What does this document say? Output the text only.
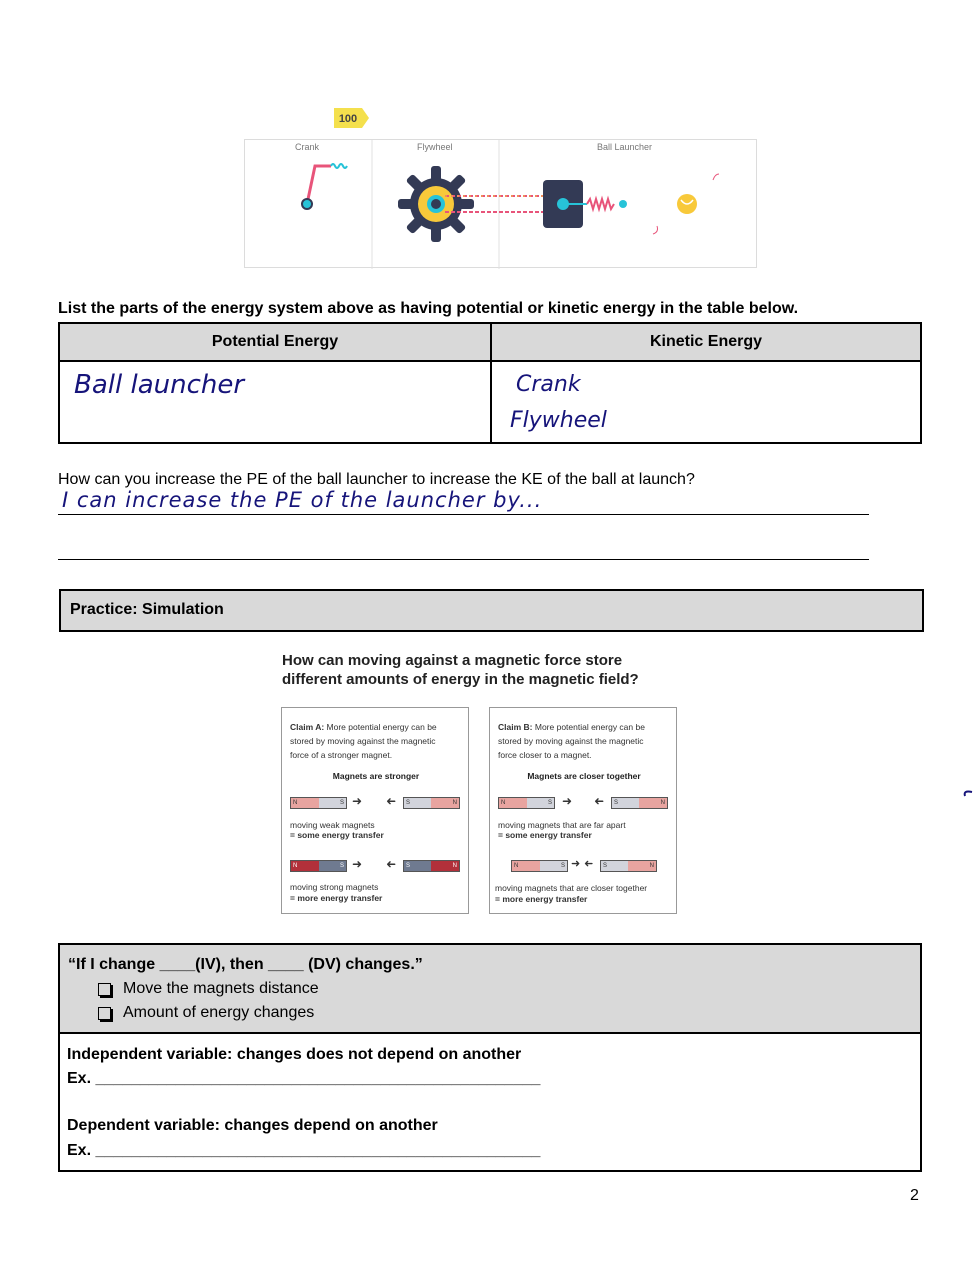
100
Crank	Flywheel	Ball Launcher
List the parts of the energy system above as having potential or kinetic energy in the table below.
Potential Energy	Kinetic Energy
Ball launcher	Crank
Flywheel
How can you increase the PE of the ball launcher to increase the KE of the ball at launch?
I can increase the PE of the launcher by...
Practice: Simulation
How can moving against a magnetic force store
different amounts of energy in the magnetic field?

Claim A: More potential energy can be

stored by moving against the magnetic

force of a stronger magnet.

Magnets are stronger

N	S ➜ ➜	S	N

moving weak magnets

= some energy transfer

N	S ➜ ➜	S	N

moving strong magnets

= more energy transfer

Claim B: More potential energy can be

stored by moving against the magnetic

force closer to a magnet.

Magnets are closer together

N	S ➜ ➜	S	N

moving magnets that are far apart

= some energy transfer

N	S ➜ ➜	S	N

moving magnets that are closer together

= more energy transfer

“If I change ____(IV), then ____ (DV) changes.”
Move the magnets distance
Amount of energy changes
Independent variable: changes does not depend on another
Ex. __________________________________________________
Dependent variable: changes depend on another
Ex. __________________________________________________
2
